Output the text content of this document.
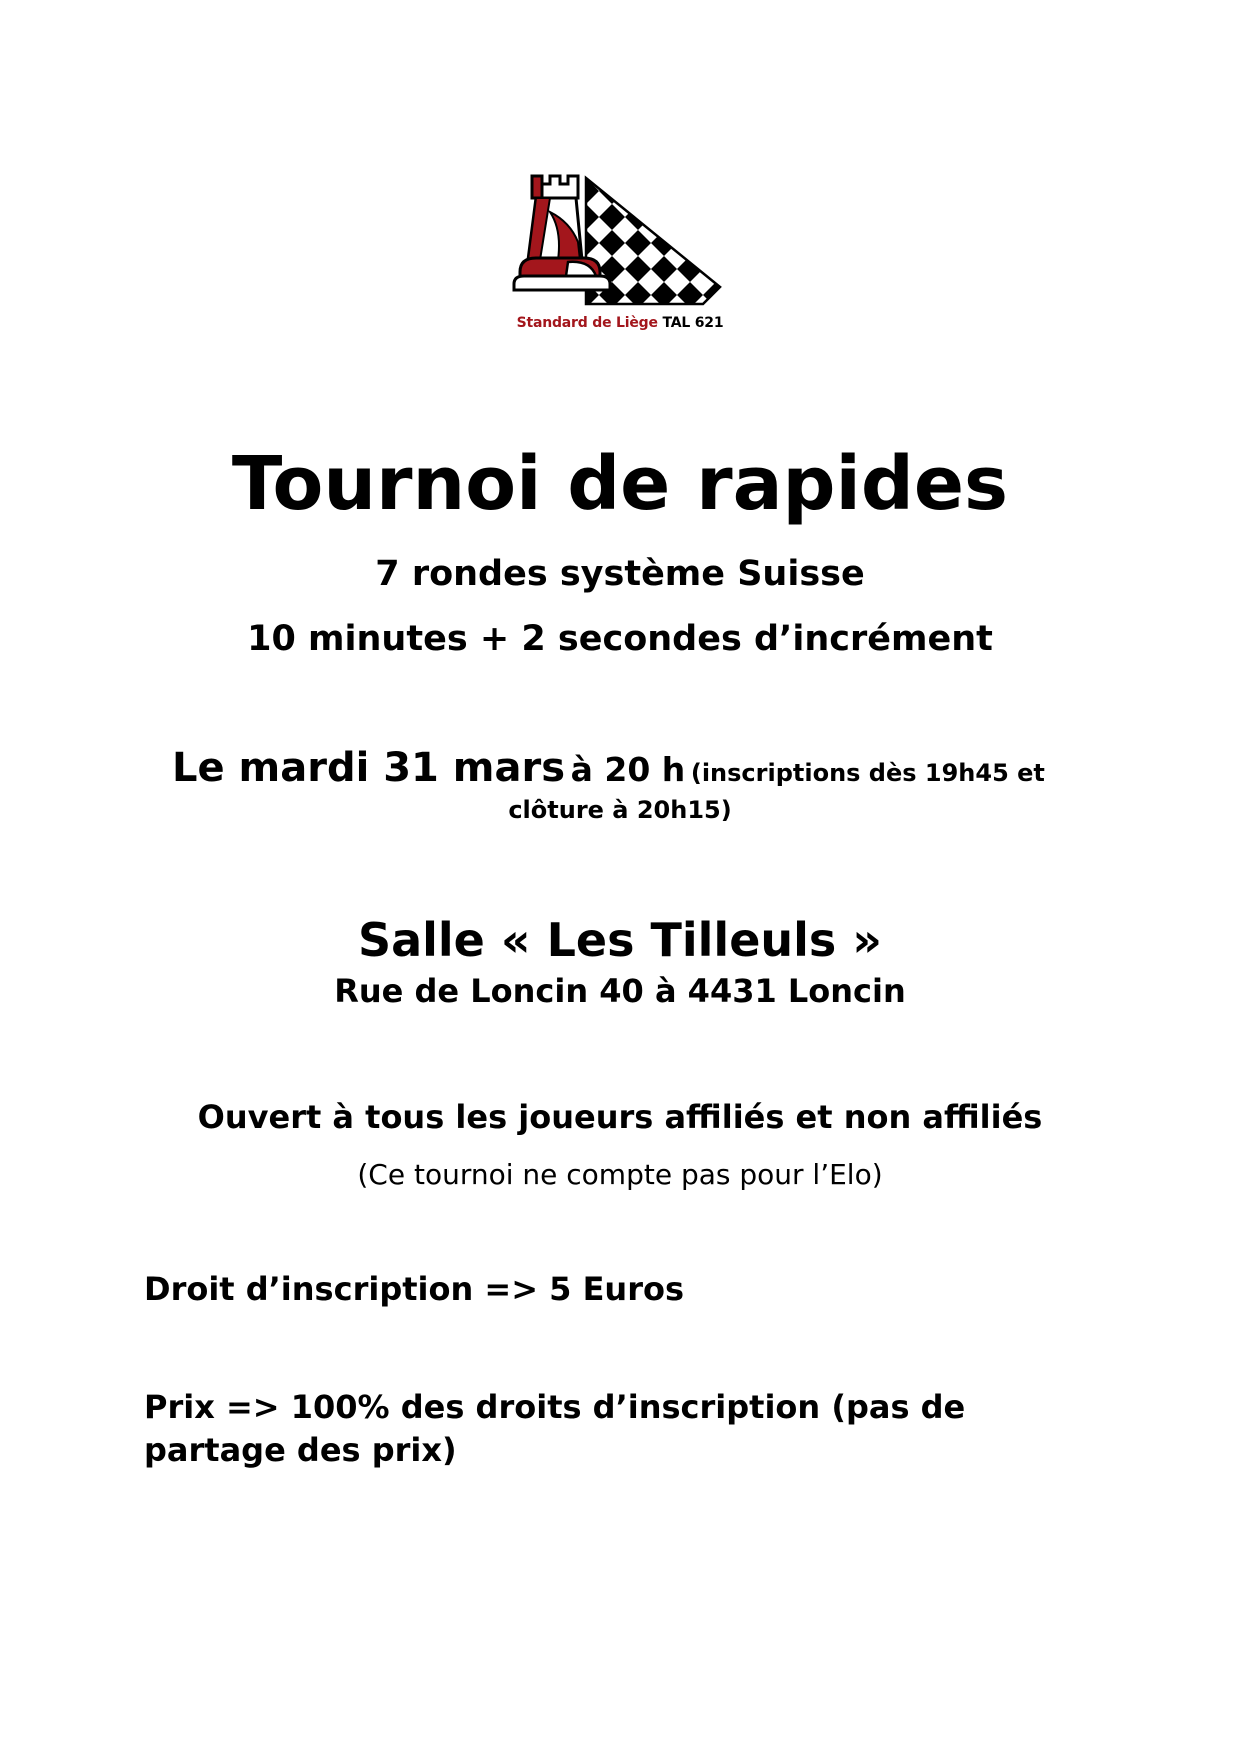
Standard de Liège TAL 621
Tournoi de rapides
7 rondes système Suisse
10 minutes + 2 secondes d’incrément
Le mardi 31 mars à 20 h (inscriptions dès 19h45 et
clôture à 20h15)
Salle « Les Tilleuls »
Rue de Loncin 40 à 4431 Loncin
Ouvert à tous les joueurs affiliés et non affiliés
(Ce tournoi ne compte pas pour l’Elo)
Droit d’inscription => 5 Euros
Prix => 100% des droits d’inscription (pas de partage des prix)
